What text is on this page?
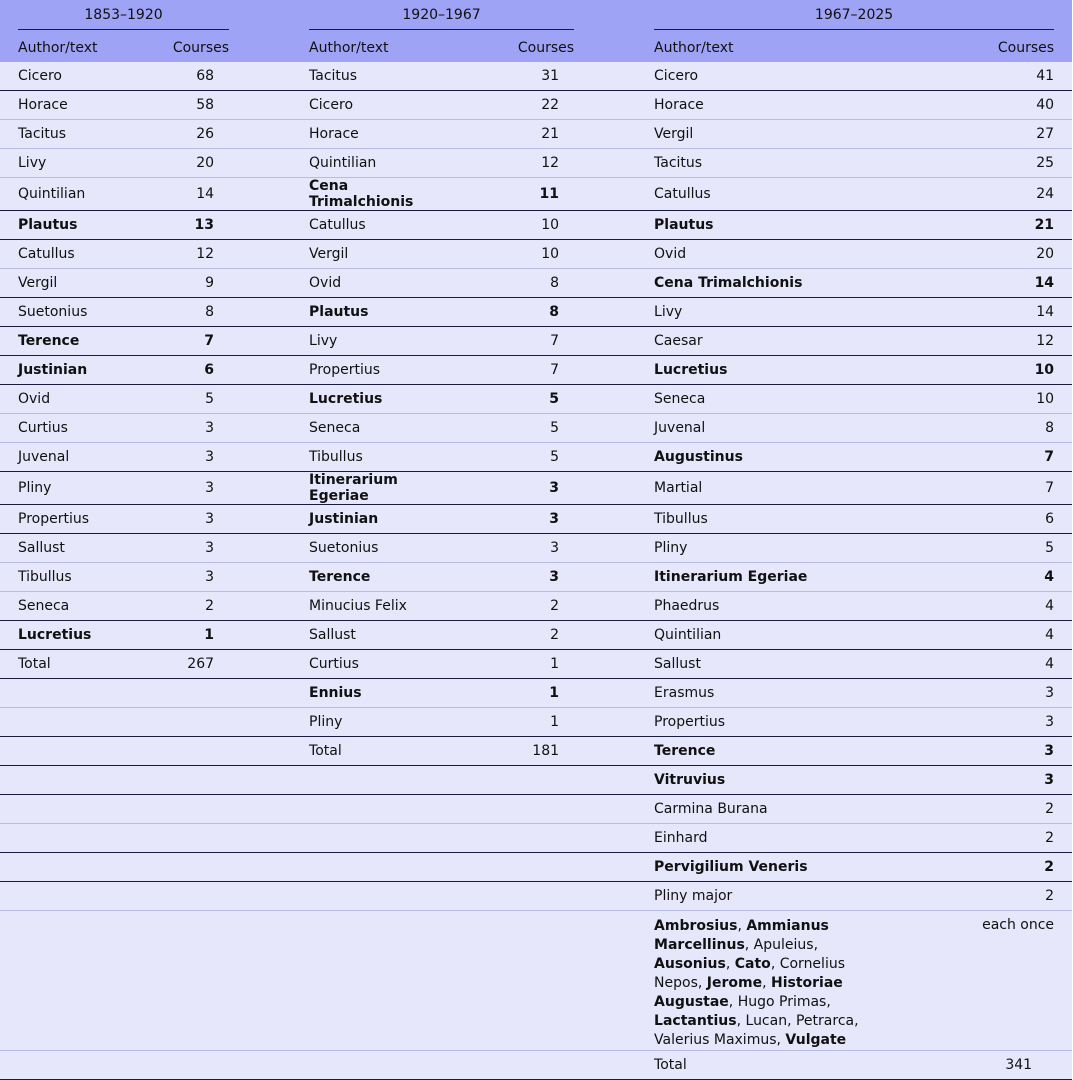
1853–1920		1920–1967		1967–2025	

Author/text	Courses	Author/text	Courses	Author/text	Courses
Cicero	68	Tacitus	31	Cicero	41
Horace	58	Cicero	22	Horace	40
Tacitus	26	Horace	21	Vergil	27
Livy	20	Quintilian	12	Tacitus	25
Quintilian	14	Cena Trimalchionis	11	Catullus	24
Plautus	13	Catullus	10	Plautus	21
Catullus	12	Vergil	10	Ovid	20
Vergil	9	Ovid	8	Cena Trimalchionis	14
Suetonius	8	Plautus	8	Livy	14
Terence	7	Livy	7	Caesar	12
Justinian	6	Propertius	7	Lucretius	10
Ovid	5	Lucretius	5	Seneca	10
Curtius	3	Seneca	5	Juvenal	8
Juvenal	3	Tibullus	5	Augustinus	7
Pliny	3	Itinerarium Egeriae	3	Martial	7
Propertius	3	Justinian	3	Tibullus	6
Sallust	3	Suetonius	3	Pliny	5
Tibullus	3	Terence	3	Itinerarium Egeriae	4
Seneca	2	Minucius Felix	2	Phaedrus	4
Lucretius	1	Sallust	2	Quintilian	4
Total	267	Curtius	1	Sallust	4
		Ennius	1	Erasmus	3
		Pliny	1	Propertius	3
		Total	181	Terence	3
				Vitruvius	3
				Carmina Burana	2
				Einhard	2
				Pervigilium Veneris	2
				Pliny major	2
				Ambrosius, Ammianus Marcellinus, Apuleius, Ausonius, Cato, Cornelius Nepos, Jerome, Historiae Augustae, Hugo Primas, Lactantius, Lucan, Petrarca, Valerius Maximus, Vulgate	each once
				Total	341
